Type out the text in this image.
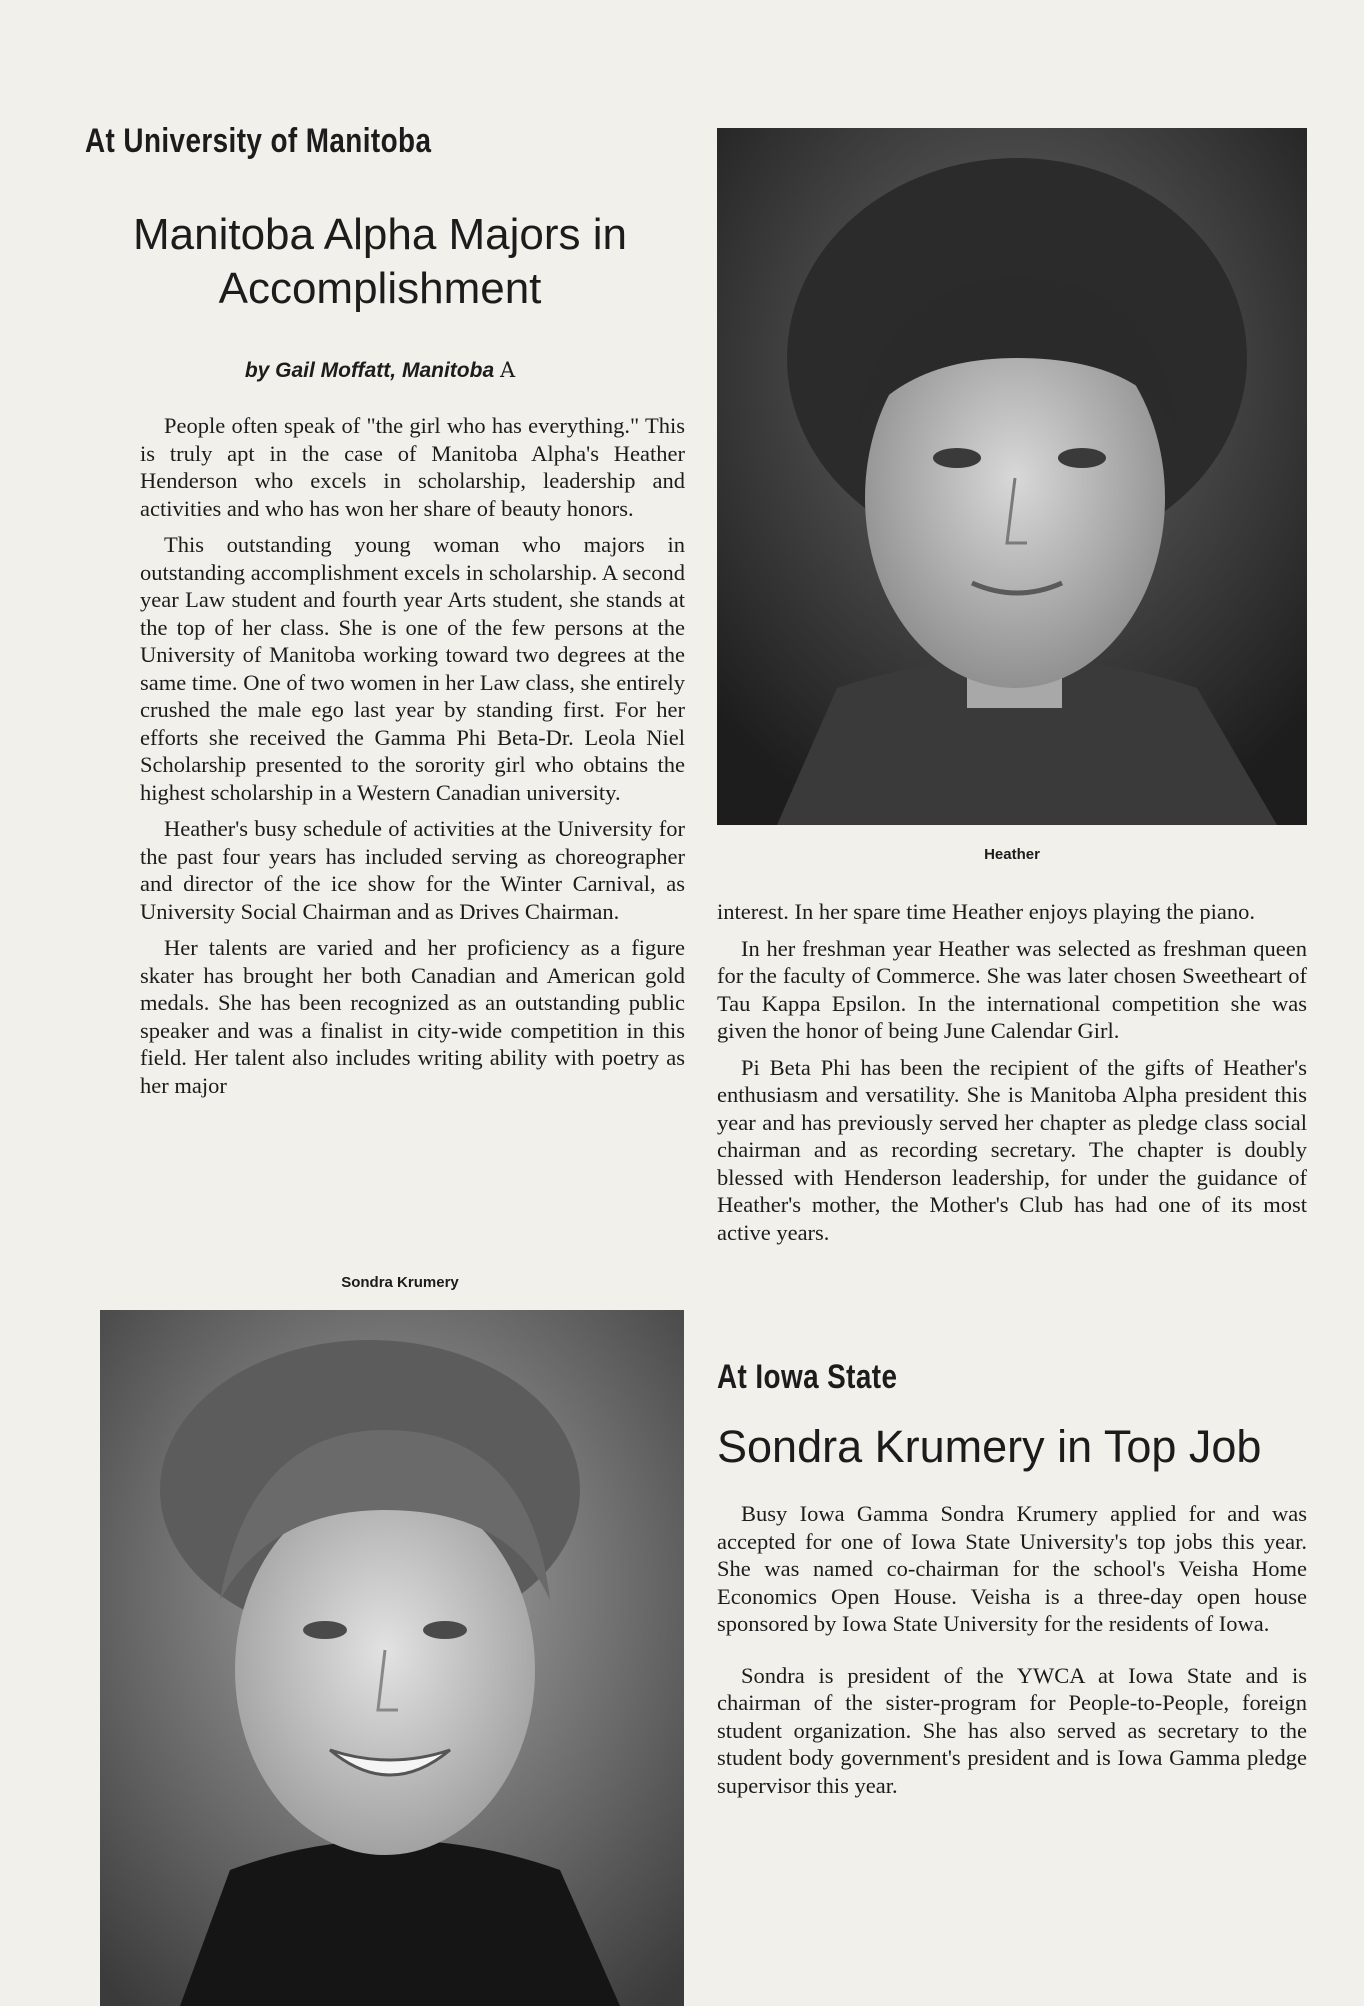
At University of Manitoba
Manitoba Alpha Majors in
Accomplishment

by Gail Moffatt, Manitoba Α

People often speak of "the girl who has everything." This is truly apt in the case of Manitoba Alpha's Heather Henderson who excels in scholarship, leadership and activities and who has won her share of beauty honors.

This outstanding young woman who majors in outstanding accomplishment excels in scholarship. A second year Law student and fourth year Arts student, she stands at the top of her class. She is one of the few persons at the University of Manitoba working toward two degrees at the same time. One of two women in her Law class, she entirely crushed the male ego last year by standing first. For her efforts she received the Gamma Phi Beta-Dr. Leola Niel Scholarship presented to the sorority girl who obtains the highest scholarship in a Western Canadian university.

Heather's busy schedule of activities at the University for the past four years has included serving as choreographer and director of the ice show for the Winter Carnival, as University Social Chairman and as Drives Chairman.

Her talents are varied and her proficiency as a figure skater has brought her both Canadian and American gold medals. She has been recognized as an outstanding public speaker and was a finalist in city-wide competition in this field. Her talent also includes writing ability with poetry as her major

Heather

interest. In her spare time Heather enjoys playing the piano.

In her freshman year Heather was selected as freshman queen for the faculty of Commerce. She was later chosen Sweetheart of Tau Kappa Epsilon. In the international competition she was given the honor of being June Calendar Girl.

Pi Beta Phi has been the recipient of the gifts of Heather's enthusiasm and versatility. She is Manitoba Alpha president this year and has previously served her chapter as pledge class social chairman and as recording secretary. The chapter is doubly blessed with Henderson leadership, for under the guidance of Heather's mother, the Mother's Club has had one of its most active years.

Sondra Krumery

At Iowa State
Sondra Krumery in Top Job

Busy Iowa Gamma Sondra Krumery applied for and was accepted for one of Iowa State University's top jobs this year. She was named co-chairman for the school's Veisha Home Economics Open House. Veisha is a three-day open house sponsored by Iowa State University for the residents of Iowa.

Sondra is president of the YWCA at Iowa State and is chairman of the sister-program for People-to-People, foreign student organization. She has also served as secretary to the student body government's president and is Iowa Gamma pledge supervisor this year.
